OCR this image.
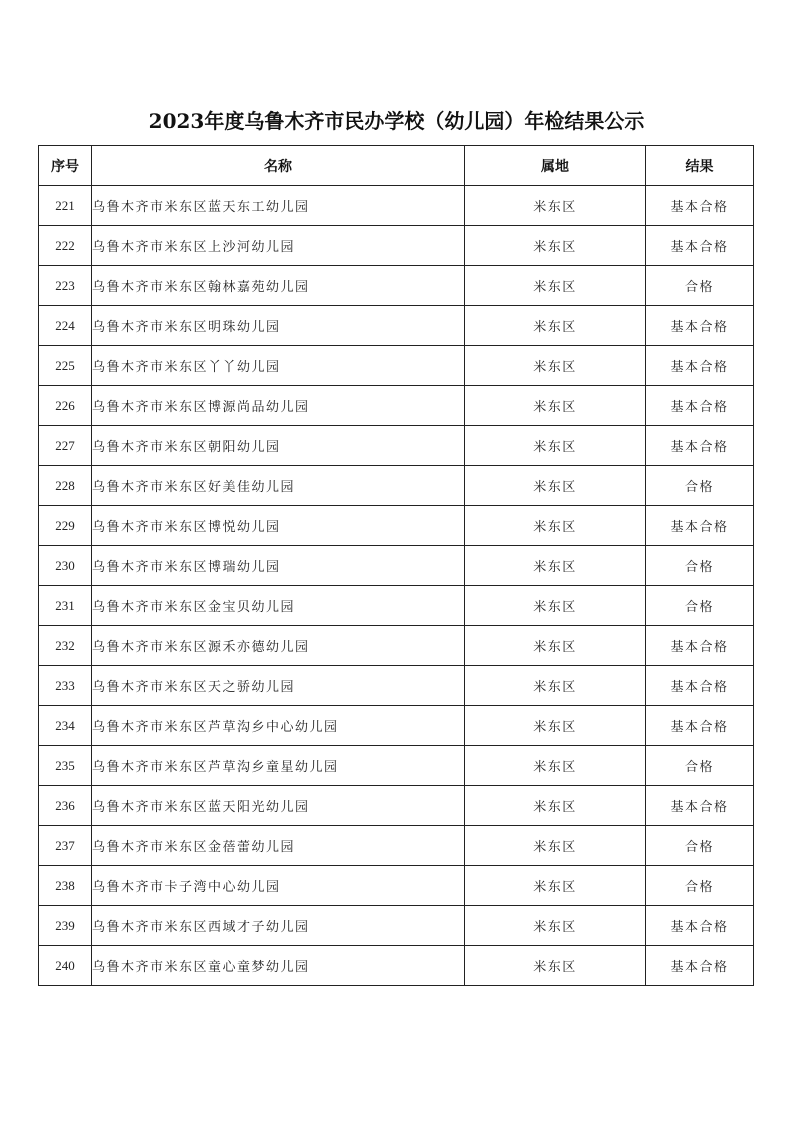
2023年度乌鲁木齐市民办学校（幼儿园）年检结果公示
序号	名称	属地	结果
221	乌鲁木齐市米东区蓝天东工幼儿园	米东区	基本合格
222	乌鲁木齐市米东区上沙河幼儿园	米东区	基本合格
223	乌鲁木齐市米东区翰林嘉苑幼儿园	米东区	合格
224	乌鲁木齐市米东区明珠幼儿园	米东区	基本合格
225	乌鲁木齐市米东区丫丫幼儿园	米东区	基本合格
226	乌鲁木齐市米东区博源尚品幼儿园	米东区	基本合格
227	乌鲁木齐市米东区朝阳幼儿园	米东区	基本合格
228	乌鲁木齐市米东区好美佳幼儿园	米东区	合格
229	乌鲁木齐市米东区博悦幼儿园	米东区	基本合格
230	乌鲁木齐市米东区博瑞幼儿园	米东区	合格
231	乌鲁木齐市米东区金宝贝幼儿园	米东区	合格
232	乌鲁木齐市米东区源禾亦德幼儿园	米东区	基本合格
233	乌鲁木齐市米东区天之骄幼儿园	米东区	基本合格
234	乌鲁木齐市米东区芦草沟乡中心幼儿园	米东区	基本合格
235	乌鲁木齐市米东区芦草沟乡童星幼儿园	米东区	合格
236	乌鲁木齐市米东区蓝天阳光幼儿园	米东区	基本合格
237	乌鲁木齐市米东区金蓓蕾幼儿园	米东区	合格
238	乌鲁木齐市卡子湾中心幼儿园	米东区	合格
239	乌鲁木齐市米东区西域才子幼儿园	米东区	基本合格
240	乌鲁木齐市米东区童心童梦幼儿园	米东区	基本合格
